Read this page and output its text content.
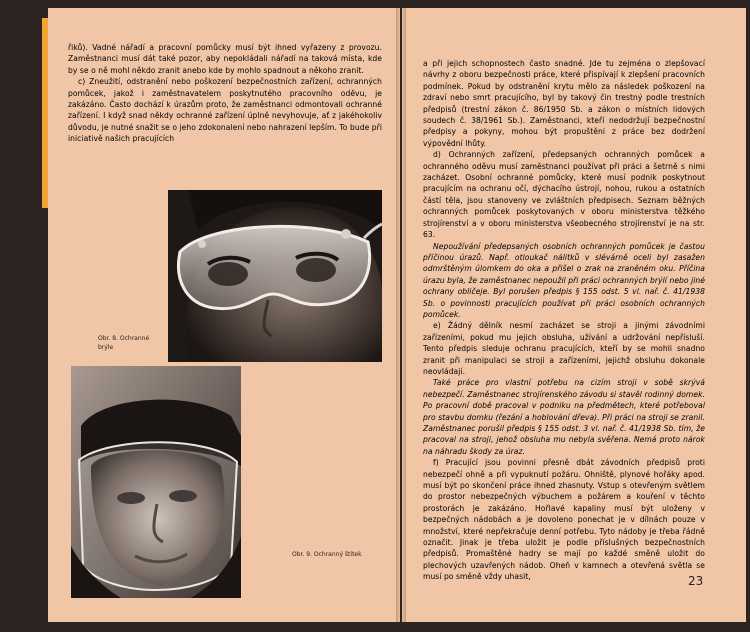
řiků). Vadné nářadí a pracovní pomůcky musí být ihned vyřazeny z provozu. Zaměstnanci musí dát také pozor, aby nepokládali nářadí na taková místa, kde by se o ně mohl někdo zranit anebo kde by mohlo spadnout a někoho zranit.

c) Zneužití, odstranění nebo poškození bezpečnostních zařízení, ochranných pomůcek, jakož i zaměstnavatelem poskytnutého pracovního oděvu, je zakázáno. Často dochází k úrazům proto, že zaměstnanci odmontovali ochranné zařízení. I když snad někdy ochranné zařízení úplně nevyhovuje, ať z jakéhokoliv důvodu, je nutné snažit se o jeho zdokonalení nebo nahrazení lepším. To bude při iniciativě našich pracujících

Obr. 8. Ochranné brýle
Obr. 9. Ochranný štítek

a při jejich schopnostech často snadné. Jde tu zejména o zlepšovací návrhy z oboru bezpečnosti práce, které přispívají k zlepšení pracovních podmínek. Pokud by odstranění krytu mělo za následek poškození na zdraví nebo smrt pracujícího, byl by takový čin trestný podle trestních předpisů (trestní zákon č. 86/1950 Sb. a zákon o místních lidových soudech č. 38/1961 Sb.). Zaměstnanci, kteří nedodržují bezpečnostní předpisy a pokyny, mohou být propuštěni z práce bez dodržení výpovědní lhůty.

d) Ochranných zařízení, předepsaných ochranných pomůcek a ochranného oděvu musí zaměstnanci používat při práci a šetrně s nimi zacházet. Osobní ochranné pomůcky, které musí podnik poskytnout pracujícím na ochranu očí, dýchacího ústrojí, nohou, rukou a ostatních částí těla, jsou stanoveny ve zvláštních předpisech. Seznam běžných ochranných pomůcek poskytovaných v oboru ministerstva těžkého strojírenství a v oboru ministerstva všeobecného strojírenství je na str. 63.

Nepoužívání předepsaných osobních ochranných pomůcek je častou příčinou úrazů. Např. otloukač nálitků v slévárně oceli byl zasažen odmrštěným úlomkem do oka a přišel o zrak na zraněném oku. Příčina úrazu byla, že zaměstnanec nepoužil při práci ochranných brýlí nebo jiné ochrany obličeje. Byl porušen předpis § 155 odst. 5 vl. nař. č. 41/1938 Sb. o povinnosti pracujících používat při práci osobních ochranných pomůcek.

e) Žádný dělník nesmí zacházet se stroji a jinými závodními zařízeními, pokud mu jejich obsluha, užívání a udržování nepřísluší. Tento předpis sleduje ochranu pracujících, kteří by se mohli snadno zranit při manipulaci se stroji a zařízeními, jejichž obsluhu dokonale neovládají.

Také práce pro vlastní potřebu na cizím stroji v sobě skrývá nebezpečí. Zaměstnanec strojírenského závodu si stavěl rodinný domek. Po pracovní době pracoval v podniku na předmětech, které potřeboval pro stavbu domku (řezání a hoblování dřeva). Při práci na stroji se zranil. Zaměstnanec porušil předpis § 155 odst. 3 vl. nař. č. 41/1938 Sb. tím, že pracoval na stroji, jehož obsluha mu nebyla svěřena. Nemá proto nárok na náhradu škody za úraz.

f) Pracující jsou povinni přesně dbát závodních předpisů proti nebezpečí ohně a při vypuknutí požáru. Ohniště, plynové hořáky apod. musí být po skončení práce ihned zhasnuty. Vstup s otevřeným světlem do prostor nebezpečných výbuchem a požárem a kouření v těchto prostorách je zakázáno. Hořlavé kapaliny musí být uloženy v bezpečných nádobách a je dovoleno ponechat je v dílnách pouze v množství, které nepřekračuje denní potřebu. Tyto nádoby je třeba řádně označit. Jinak je třeba uložit je podle příslušných bezpečnostních předpisů. Promaštěné hadry se mají po každé směně uložit do plechových uzavřených nádob. Oheň v kamnech a otevřená světla se musí po směně vždy uhasit,	23
